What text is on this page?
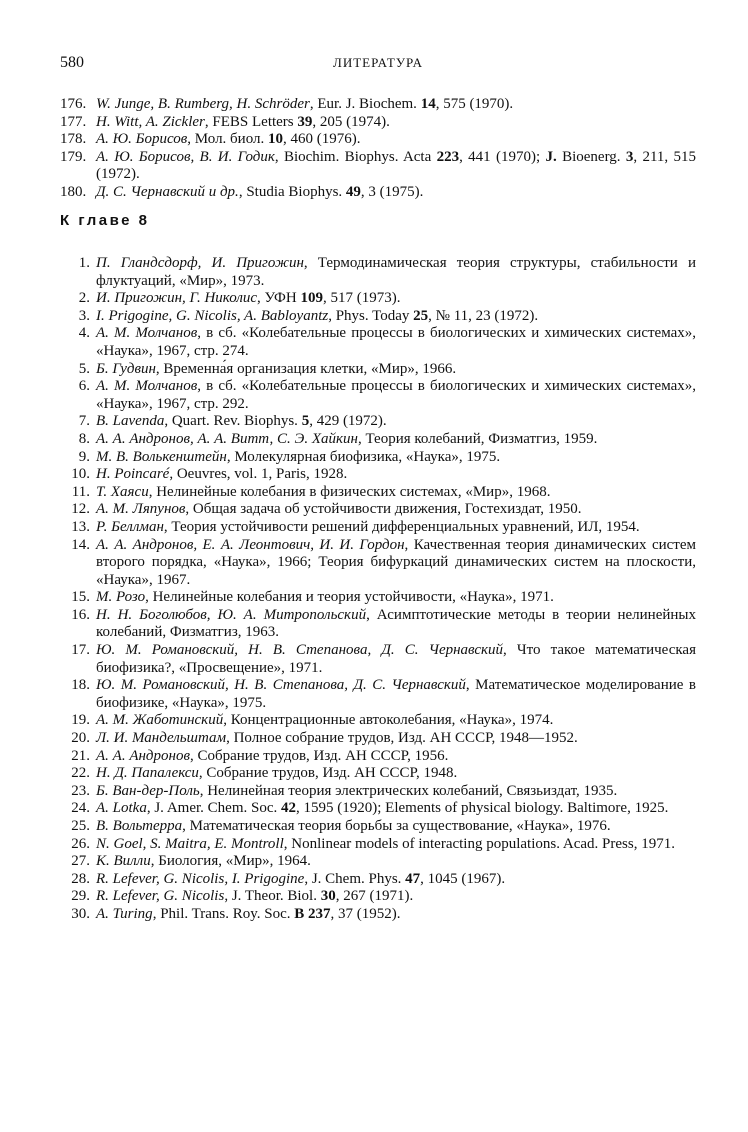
580	ЛИТЕРАТУРА
176. W. Junge, B. Rumberg, H. Schröder, Eur. J. Biochem. 14, 575 (1970).
177. H. Witt, A. Zickler, FEBS Letters 39, 205 (1974).
178. А. Ю. Борисов, Мол. биол. 10, 460 (1976).
179. А. Ю. Борисов, В. И. Годик, Biochim. Biophys. Acta 223, 441 (1970); J. Bioenerg. 3, 211, 515 (1972).
180. Д. С. Чернавский и др., Studia Biophys. 49, 3 (1975).
К главе 8
1. П. Гландсдорф, И. Пригожин, Термодинамическая теория структуры, стабильности и флуктуаций, «Мир», 1973.
2. И. Пригожин, Г. Николис, УФН 109, 517 (1973).
3. I. Prigogine, G. Nicolis, A. Babloyantz, Phys. Today 25, № 11, 23 (1972).
4. А. М. Молчанов, в сб. «Колебательные процессы в биологических и химических системах», «Наука», 1967, стр. 274.
5. Б. Гудвин, Временна́я организация клетки, «Мир», 1966.
6. А. М. Молчанов, в сб. «Колебательные процессы в биологических и химических системах», «Наука», 1967, стр. 292.
7. B. Lavenda, Quart. Rev. Biophys. 5, 429 (1972).
8. А. А. Андронов, А. А. Витт, С. Э. Хайкин, Теория колебаний, Физматгиз, 1959.
9. М. В. Волькенштейн, Молекулярная биофизика, «Наука», 1975.
10. H. Poincaré, Oeuvres, vol. 1, Paris, 1928.
11. Т. Хаяси, Нелинейные колебания в физических системах, «Мир», 1968.
12. А. М. Ляпунов, Общая задача об устойчивости движения, Гостехиздат, 1950.
13. Р. Беллман, Теория устойчивости решений дифференциальных уравнений, ИЛ, 1954.
14. А. А. Андронов, Е. А. Леонтович, И. И. Гордон, Качественная теория динамических систем второго порядка, «Наука», 1966; Теория бифуркаций динамических систем на плоскости, «Наука», 1967.
15. М. Розо, Нелинейные колебания и теория устойчивости, «Наука», 1971.
16. Н. Н. Боголюбов, Ю. А. Митропольский, Асимптотические методы в теории нелинейных колебаний, Физматгиз, 1963.
17. Ю. М. Романовский, Н. В. Степанова, Д. С. Чернавский, Что такое математическая биофизика?, «Просвещение», 1971.
18. Ю. М. Романовский, Н. В. Степанова, Д. С. Чернавский, Математическое моделирование в биофизике, «Наука», 1975.
19. А. М. Жаботинский, Концентрационные автоколебания, «Наука», 1974.
20. Л. И. Мандельштам, Полное собрание трудов, Изд. АН СССР, 1948—1952.
21. А. А. Андронов, Собрание трудов, Изд. АН СССР, 1956.
22. Н. Д. Папалекси, Собрание трудов, Изд. АН СССР, 1948.
23. Б. Ван-дер-Поль, Нелинейная теория электрических колебаний, Связьиздат, 1935.
24. A. Lotka, J. Amer. Chem. Soc. 42, 1595 (1920); Elements of physical biology. Baltimore, 1925.
25. В. Вольтерра, Математическая теория борьбы за существование, «Наука», 1976.
26. N. Goel, S. Maitra, E. Montroll, Nonlinear models of interacting populations. Acad. Press, 1971.
27. К. Вилли, Биология, «Мир», 1964.
28. R. Lefever, G. Nicolis, I. Prigogine, J. Chem. Phys. 47, 1045 (1967).
29. R. Lefever, G. Nicolis, J. Theor. Biol. 30, 267 (1971).
30. A. Turing, Phil. Trans. Roy. Soc. B 237, 37 (1952).
